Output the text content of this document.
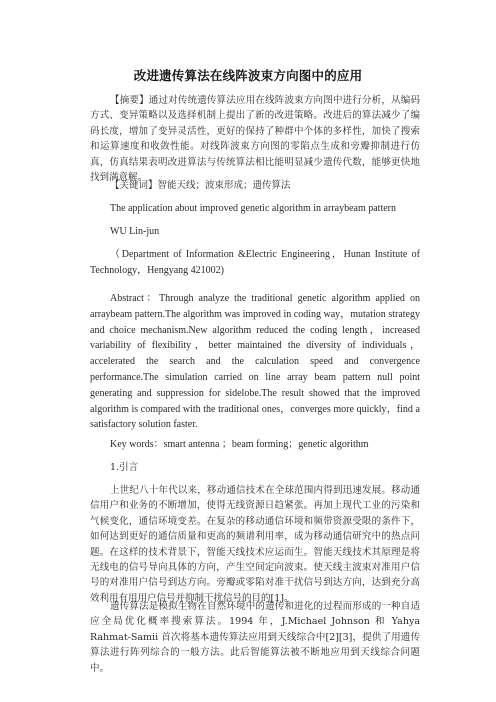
改进遗传算法在线阵波束方向图中的应用

【摘要】通过对传统遗传算法应用在线阵波束方向图中进行分析，从编码方式、变异策略以及选择机制上提出了新的改进策略。改进后的算法减少了编码长度，增加了变异灵活性，更好的保持了种群中个体的多样性，加快了搜索和运算速度和收敛性能。对线阵波束方向图的零陷点生成和旁瓣抑制进行仿真，仿真结果表明改进算法与传统算法相比能明显减少遗传代数，能够更快地找到满意解。

【关键词】智能天线；波束形成；遗传算法

The application about improved genetic algorithm in arraybeam pattern

WU Lin-jun

（Department of Information &Electric Engineering，Hunan Institute of Technology，Hengyang 421002)

Abstract：Through analyze the traditional genetic algorithm applied on arraybeam pattern.The algorithm was improved in coding way，mutation strategy and choice mechanism.New algorithm reduced the coding length，increased variability of flexibility，better maintained the diversity of individuals，accelerated the search and the calculation speed and convergence performance.The simulation carried on line array beam pattern null point generating and suppression for sidelobe.The result showed that the improved algorithm is compared with the traditional ones，converges more quickly，find a satisfactory solution faster.

Key words：smart antenna ；beam forming；genetic algorithm

1.引言

上世纪八十年代以来，移动通信技术在全球范围内得到迅速发展。移动通信用户和业务的不断增加，使得无线资源日趋紧张。再加上现代工业的污染和气候变化，通信环境变差。在复杂的移动通信环境和频带资源受限的条件下，如何达到更好的通信质量和更高的频谱利用率，成为移动通信研究中的热点问题。在这样的技术背景下，智能天线技术应运而生。智能天线技术其原理是将无线电的信号导向具体的方向，产生空间定向波束。使天线主波束对准用户信号的对准用户信号到达方向。旁瓣或零陷对准干扰信号到达方向，达到充分高效利用有用用户信号并抑制干扰信号的目的[1]。

遗传算法是模拟生物在自然环境中的遗传和进化的过程而形成的一种自适应全局优化概率搜索算法。1994 年，J.Michael Johnson 和 Yahya Rahmat-Samii 首次将基本遗传算法应用到天线综合中[2][3]，提供了用遗传算法进行阵列综合的一般方法。此后智能算法被不断地应用到天线综合问题中。
